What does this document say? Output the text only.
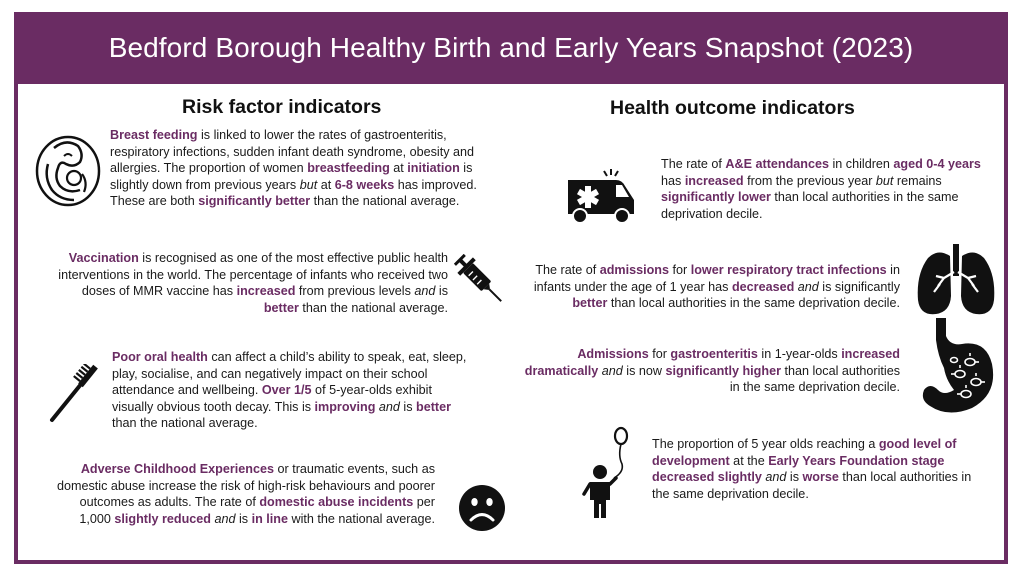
Bedford Borough Healthy Birth and Early Years Snapshot (2023)
Risk factor indicators	Health outcome indicators
Breast feeding is linked to lower the rates of gastroenteritis, respiratory infections, sudden infant death syndrome, obesity and allergies. The proportion of women breastfeeding at initiation is slightly down from previous years but at 6-8 weeks has improved. These are both significantly better than the national average.
Vaccination is recognised as one of the most effective public health interventions in the world. The percentage of infants who received two doses of MMR vaccine has increased from previous levels and is better than the national average.
Poor oral health can affect a child’s ability to speak, eat, sleep, play, socialise, and can negatively impact on their school attendance and wellbeing. Over 1/5 of 5-year-olds exhibit visually obvious tooth decay. This is improving and is better than the national average.
Adverse Childhood Experiences or traumatic events, such as domestic abuse increase the risk of high-risk behaviours and poorer outcomes as adults. The rate of domestic abuse incidents per 1,000 slightly reduced and is in line with the national average.
The rate of A&E attendances in children aged 0-4 years has increased from the previous year but remains significantly lower than local authorities in the same deprivation decile.
The rate of admissions for lower respiratory tract infections in infants under the age of 1 year has decreased and is significantly better than local authorities in the same deprivation decile.
Admissions for gastroenteritis in 1-year-olds increased dramatically and is now significantly higher than local authorities in the same deprivation decile.
The proportion of 5 year olds reaching a good level of development at the Early Years Foundation stage decreased slightly and is worse than local authorities in the same deprivation decile.
